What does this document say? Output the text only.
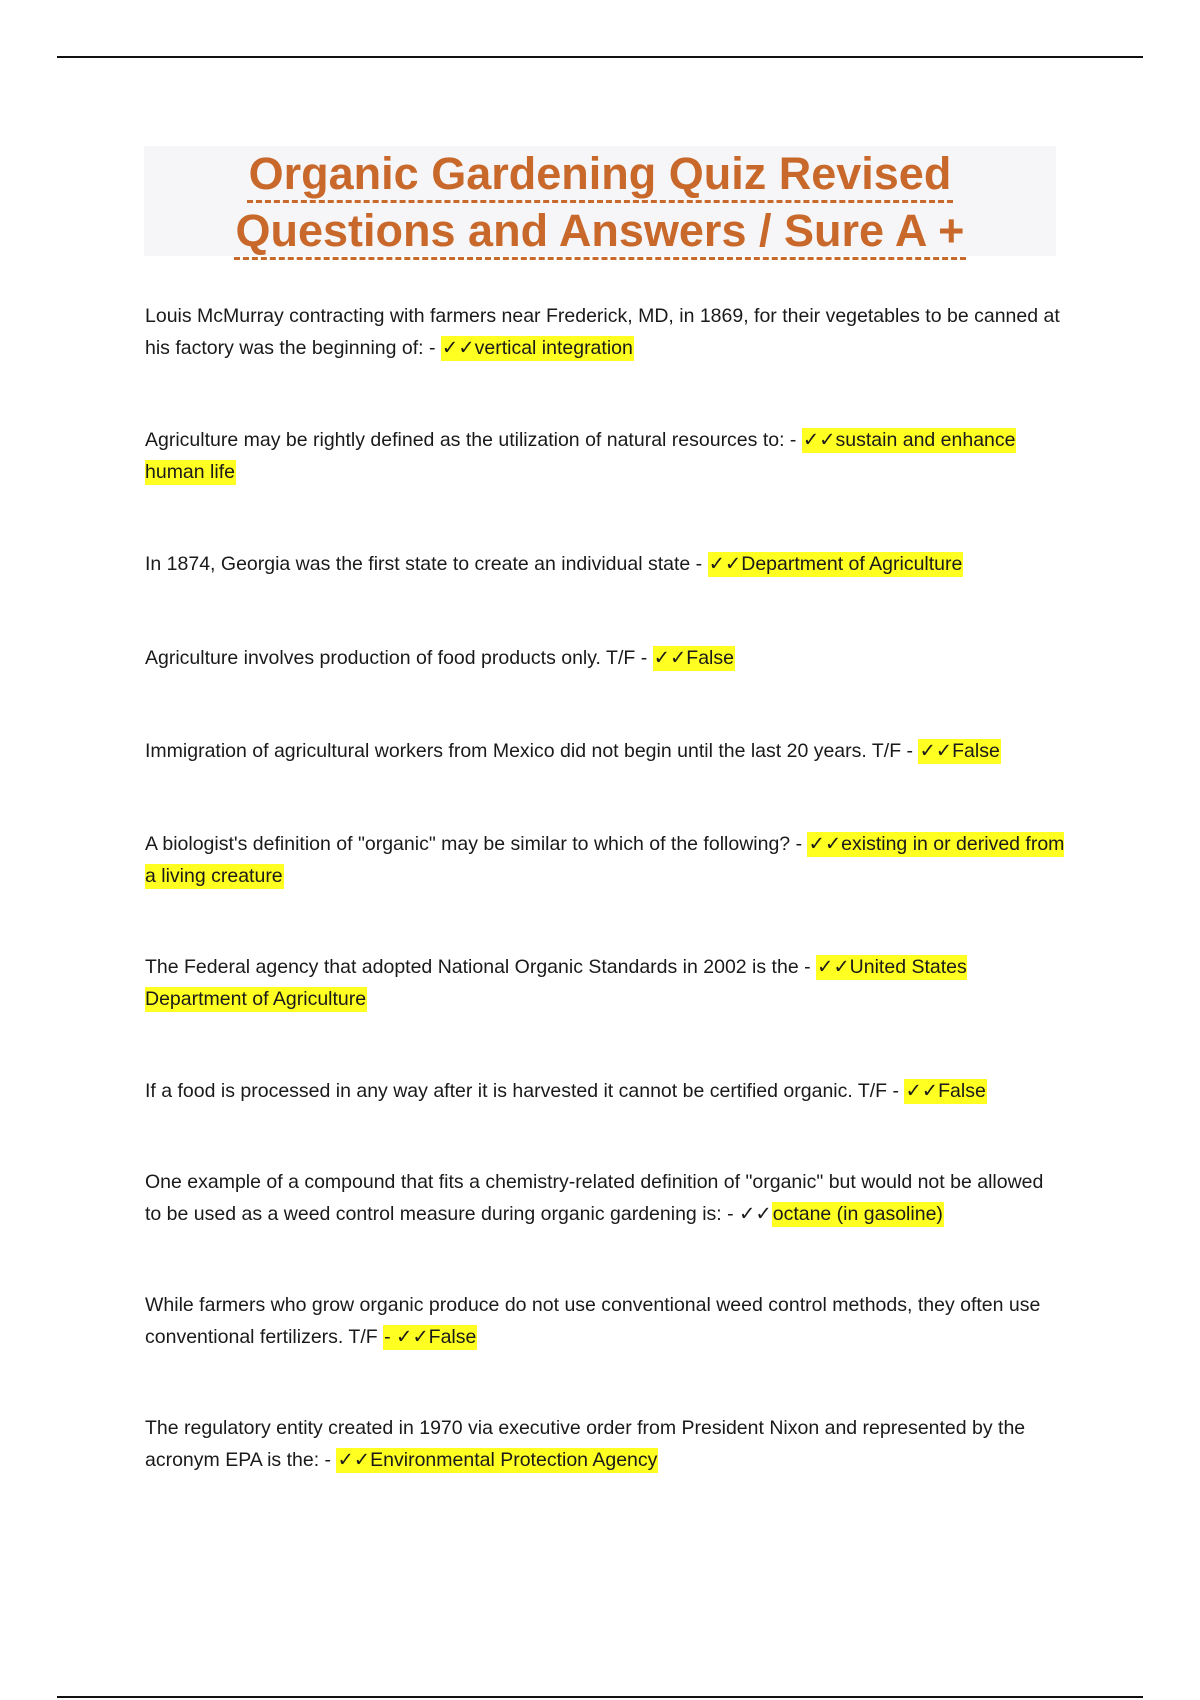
Organic Gardening Quiz Revised
Questions and Answers / Sure A +
Louis McMurray contracting with farmers near Frederick, MD, in 1869, for their vegetables to be canned at his factory was the beginning of: - ✓✓vertical integration
Agriculture may be rightly defined as the utilization of natural resources to: - ✓✓sustain and enhance human life
In 1874, Georgia was the first state to create an individual state - ✓✓Department of Agriculture
Agriculture involves production of food products only. T/F - ✓✓False
Immigration of agricultural workers from Mexico did not begin until the last 20 years. T/F - ✓✓False
A biologist's definition of "organic" may be similar to which of the following? - ✓✓existing in or derived from a living creature
The Federal agency that adopted National Organic Standards in 2002 is the - ✓✓United States Department of Agriculture
If a food is processed in any way after it is harvested it cannot be certified organic. T/F - ✓✓False
One example of a compound that fits a chemistry-related definition of "organic" but would not be allowed to be used as a weed control measure during organic gardening is: - ✓✓octane (in gasoline)
While farmers who grow organic produce do not use conventional weed control methods, they often use conventional fertilizers. T/F - ✓✓False
The regulatory entity created in 1970 via executive order from President Nixon and represented by the acronym EPA is the: - ✓✓Environmental Protection Agency
